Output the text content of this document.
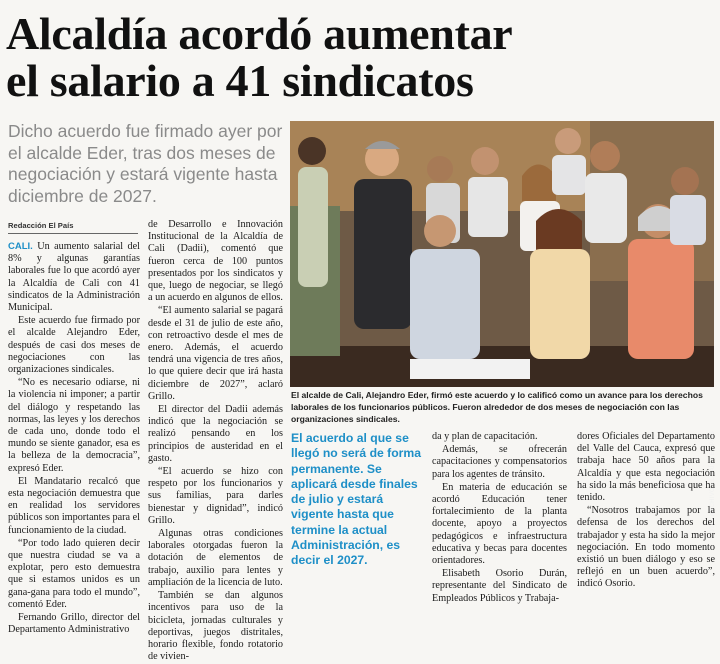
Alcaldía acordó aumentar
el salario a 41 sindicatos
Dicho acuerdo fue firmado ayer por el alcalde Eder, tras dos meses de negociación y estará vigente hasta diciembre de 2027.
FOTO: ARCHIVO EL PAÍS | EL PAÍS
El alcalde de Cali, Alejandro Eder, firmó este acuerdo y lo calificó como un avance para los derechos laborales de los funcionarios públicos. Fueron alrededor de dos meses de negociación con las organizaciones sindicales.
Redacción El País

CALI. Un aumento salarial del 8% y algunas garantías laborales fue lo que acordó ayer la Alcaldía de Cali con 41 sindicatos de la Administración Municipal.

Este acuerdo fue firmado por el alcalde Alejandro Eder, después de casi dos meses de negociaciones con las organizaciones sindicales.

“No es necesario odiarse, ni la violencia ni imponer; a partir del diálogo y respetando las normas, las leyes y los derechos de cada uno, donde todo el mundo se siente ganador, esa es la belleza de la democracia”, expresó Eder.

El Mandatario recalcó que esta negociación demuestra que en realidad los servidores públicos son importantes para el funcionamiento de la ciudad.

“Por todo lado quieren decir que nuestra ciudad se va a explotar, pero esto demuestra que si estamos unidos es un gana-gana para todo el mundo”, comentó Eder.

Fernando Grillo, director del Departamento Administrativo

de Desarrollo e Innovación Institucional de la Alcaldía de Cali (Dadii), comentó que fueron cerca de 100 puntos presentados por los sindicatos y que, luego de negociar, se llegó a un acuerdo en algunos de ellos.

“El aumento salarial se pagará desde el 31 de julio de este año, con retroactivo desde el mes de enero. Además, el acuerdo tendrá una vigencia de tres años, lo que quiere decir que irá hasta diciembre de 2027”, aclaró Grillo.

El director del Dadii además indicó que la negociación se realizó pensando en los principios de austeridad en el gasto.

“El acuerdo se hizo con respeto por los funcionarios y sus familias, para darles bienestar y dignidad”, indicó Grillo.

Algunas otras condiciones laborales otorgadas fueron la dotación de elementos de trabajo, auxilio para lentes y ampliación de la licencia de luto.

También se dan algunos incentivos para uso de la bicicleta, jornadas culturales y deportivas, juegos distritales, horario flexible, fondo rotatorio de vivien-

El acuerdo al que se llegó no será de forma permanente. Se aplicará desde finales de julio y estará vigente hasta que termine la actual Administración, es decir el 2027.

da y plan de capacitación.

Además, se ofrecerán capacitaciones y compensatorios para los agentes de tránsito.

En materia de educación se acordó Educación tener fortalecimiento de la planta docente, apoyo a proyectos pedagógicos e infraestructura educativa y becas para docentes orientadores.

Elisabeth Osorio Durán, representante del Sindicato de Empleados Públicos y Trabaja-

dores Oficiales del Departamento del Valle del Cauca, expresó que trabaja hace 50 años para la Alcaldía y que esta negociación ha sido la más beneficiosa que ha tenido.

“Nosotros trabajamos por la defensa de los derechos del trabajador y esta ha sido la mejor negociación. En todo momento existió un buen diálogo y eso se reflejó en un buen acuerdo”, indicó Osorio.
